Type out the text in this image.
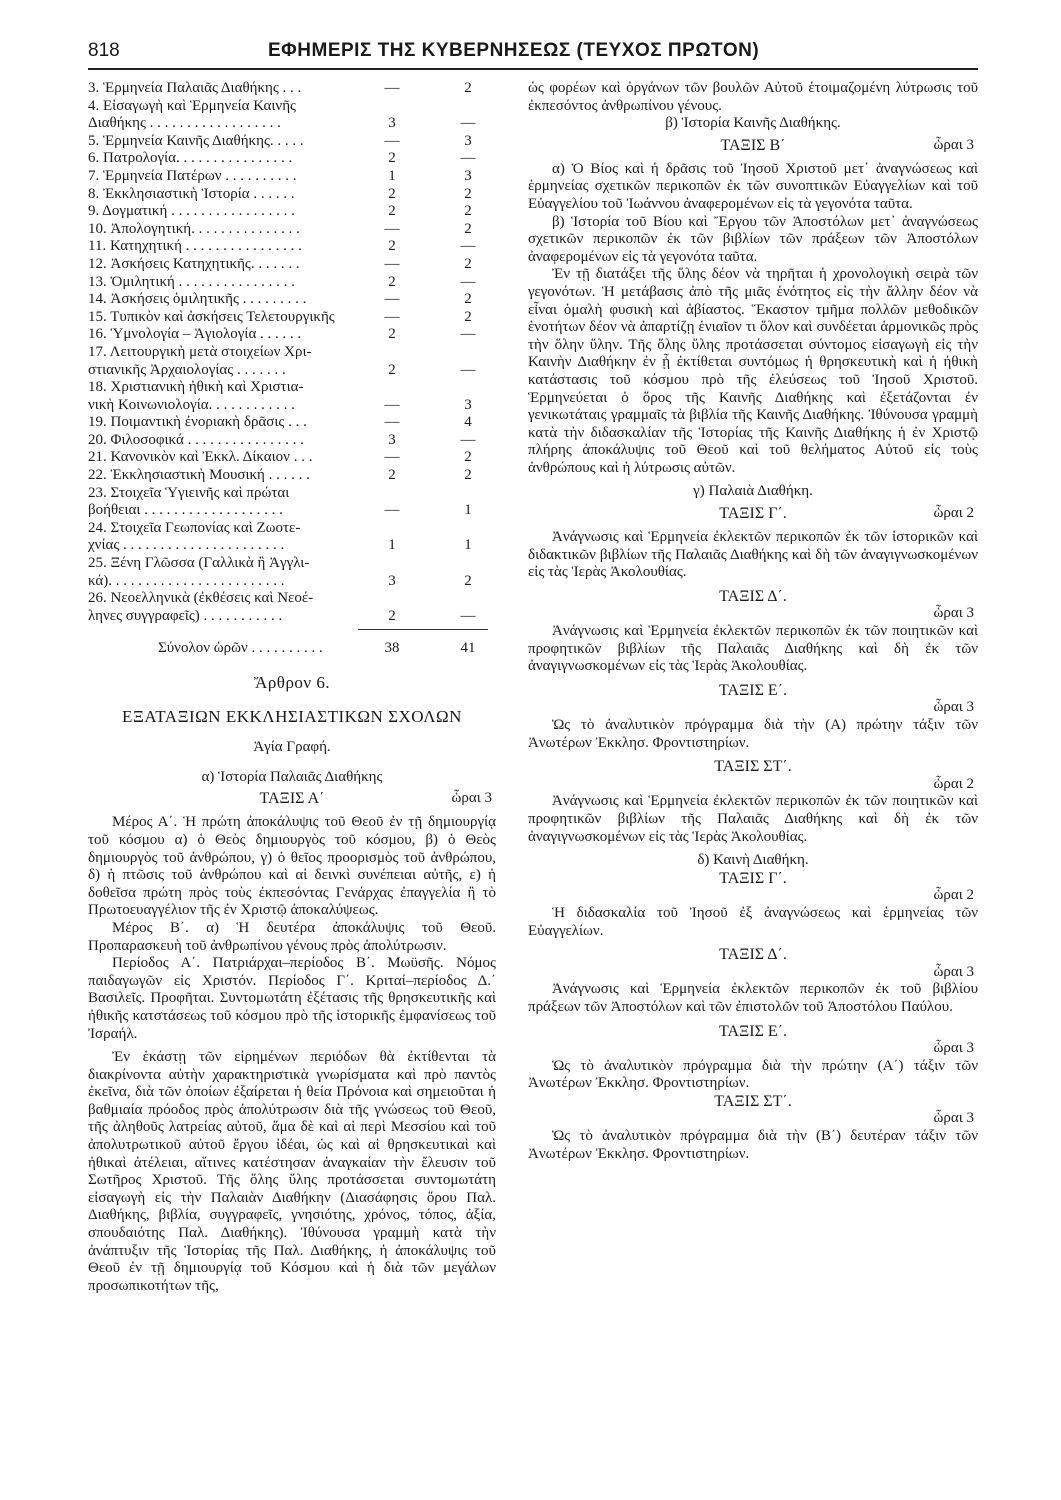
818	ΕΦΗΜΕΡΙΣ ΤΗΣ ΚΥΒΕΡΝΗΣΕΩΣ (ΤΕΥΧΟΣ ΠΡΩΤΟΝ)
3. Ἑρμηνεία Παλαιᾶς Διαθήκης . . .	—	2
4. Εἰσαγωγὴ καὶ Ἑρμηνεία Καινῆς
Διαθήκης . . . . . . . . . . . . . . . . . .	3	—
5. Ἑρμηνεία Καινῆς Διαθήκης. . . . .	—	3
6. Πατρολογία. . . . . . . . . . . . . . . .	2	—
7. Ἑρμηνεία Πατέρων . . . . . . . . . .	1	3
8. Ἐκκλησιαστικὴ Ἱστορία . . . . . .	2	2
9. Δογματική . . . . . . . . . . . . . . . . .	2	2
10. Ἀπολογητική. . . . . . . . . . . . . . .	—	2
11. Κατηχητική . . . . . . . . . . . . . . . .	2	—
12. Ἀσκήσεις Κατηχητικῆς. . . . . . .	—	2
13. Ὁμιλητική . . . . . . . . . . . . . . . .	2	—
14. Ἀσκήσεις ὁμιλητικῆς . . . . . . . . .	—	2
15. Τυπικὸν καὶ ἀσκήσεις Τελετουργικῆς	—	2
16. Ὑμνολογία – Ἁγιολογία . . . . . .	2	—
17. Λειτουργικὴ μετὰ στοιχείων Χρι-
στιανικῆς Ἀρχαιολογίας . . . . . . .	2	—
18. Χριστιανικὴ ἠθικὴ καὶ Χριστια-
νικὴ Κοινωνιολογία. . . . . . . . . . . .	—	3
19. Ποιμαντικὴ ἐνοριακὴ δρᾶσις . . .	—	4
20. Φιλοσοφικά . . . . . . . . . . . . . . . .	3	—
21. Κανονικὸν καὶ Ἐκκλ. Δίκαιον . . .	—	2
22. Ἐκκλησιαστικὴ Μουσική . . . . . .	2	2
23. Στοιχεῖα Ὑγιεινῆς καὶ πρώται
βοήθειαι . . . . . . . . . . . . . . . . . . .	—	1
24. Στοιχεῖα Γεωπονίας καὶ Ζωοτε-
χνίας . . . . . . . . . . . . . . . . . . . . . .	1	1
25. Ξένη Γλῶσσα (Γαλλικὰ ἢ Ἀγγλι-
κά). . . . . . . . . . . . . . . . . . . . . . . .	3	2
26. Νεοελληνικὰ (ἐκθέσεις καὶ Νεοέ-
ληνες συγγραφεῖς) . . . . . . . . . . .	2	—
Σύνολον ὡρῶν . . . . . . . . . .	38	41

Ἄρθρον 6.

ΕΞΑΤΑΞΙΩΝ ΕΚΚΛΗΣΙΑΣΤΙΚΩΝ ΣΧΟΛΩΝ

Ἁγία Γραφή.

α) Ἱστορία Παλαιᾶς Διαθήκης

ΤΑΞΙΣ Α΄	ὧραι 3

Μέρος Α΄. Ἡ πρώτη ἀποκάλυψις τοῦ Θεοῦ ἐν τῇ δημιουργίᾳ τοῦ κόσμου α) ὁ Θεὸς δημιουργὸς τοῦ κόσμου, β) ὁ Θεὸς δημιουργὸς τοῦ ἀνθρώπου, γ) ὁ θεῖος προορισμὸς τοῦ ἀνθρώπου, δ) ἡ πτῶσις τοῦ ἀνθρώπου καὶ αἱ δεινκὶ συνέπειαι αὐτῆς, ε) ἡ δοθεῖσα πρώτη πρὸς τοὺς ἐκπεσόντας Γενάρχας ἐπαγγελία ἢ τὸ Πρωτοευαγγέλιον τῆς ἐν Χριστῷ ἀποκαλύψεως.

Μέρος Β΄. α) Ἡ δευτέρα ἀποκάλυψις τοῦ Θεοῦ. Προπαρασκευὴ τοῦ ἀνθρωπίνου γένους πρὸς ἀπολύτρωσιν.

Περίοδος Α΄. Πατριάρχαι–περίοδος Β΄. Μωϋσῆς. Νόμος παιδαγωγῶν εἰς Χριστόν. Περίοδος Γ΄. Κριταί–περίοδος Δ.΄ Βασιλεῖς. Προφῆται. Συντομωτάτη ἐξέτασις τῆς θρησκευτικῆς καὶ ἠθικῆς κατστάσεως τοῦ κόσμου πρὸ τῆς ἱστορικῆς ἐμφανίσεως τοῦ Ἰσραήλ.

Ἐν ἑκάστῃ τῶν εἰρημένων περιόδων θὰ ἐκτίθενται τὰ διακρίνοντα αὐτὴν χαρακτηριστικὰ γνωρίσματα καὶ πρὸ παντὸς ἐκεῖνα, διὰ τῶν ὁποίων ἐξαίρεται ἡ θεία Πρόνοια καὶ σημειοῦται ἡ βαθμιαία πρόοδος πρὸς ἀπολύτρωσιν διὰ τῆς γνώσεως τοῦ Θεοῦ, τῆς ἀληθοῦς λατρείας αὐτοῦ, ἅμα δὲ καὶ αἱ περὶ Μεσσίου καὶ τοῦ ἀπολυτρωτικοῦ αὐτοῦ ἔργου ἰδέαι, ὡς καὶ αἱ θρησκευτικαὶ καὶ ἠθικαὶ ἀτέλειαι, αἵτινες κατέστησαν ἀναγκαίαν τὴν ἔλευσιν τοῦ Σωτῆρος Χριστοῦ. Τῆς ὅλης ὕλης προτάσσεται συντομωτάτη εἰσαγωγὴ εἰς τὴν Παλαιὰν Διαθήκην (Διασάφησις ὅρου Παλ. Διαθήκης, βιβλία, συγγραφεῖς, γνησιότης, χρόνος, τόπος, ἀξία, σπουδαιότης Παλ. Διαθήκης). Ἰθύνουσα γραμμὴ κατὰ τὴν ἀνάπτυξιν τῆς Ἱστορίας τῆς Παλ. Διαθήκης, ἡ ἀποκάλυψις τοῦ Θεοῦ ἐν τῇ δημιουργίᾳ τοῦ Κόσμου καὶ ἡ διὰ τῶν μεγάλων προσωπικοτήτων τῆς,

ὡς φορέων καὶ ὀργάνων τῶν βουλῶν Αὐτοῦ ἑτοιμαζομένη λύτρωσις τοῦ ἐκπεσόντος ἀνθρωπίνου γένους.

β) Ἱστορία Καινῆς Διαθήκης.

ΤΑΞΙΣ Β΄	ὧραι 3

α) Ὁ Βίος καὶ ἡ δρᾶσις τοῦ Ἰησοῦ Χριστοῦ μετ᾿ ἀναγνώσεως καὶ ἑρμηνείας σχετικῶν περικοπῶν ἐκ τῶν συνοπτικῶν Εὐαγγελίων καὶ τοῦ Εὐαγγελίου τοῦ Ἰωάννου ἀναφερομένων εἰς τὰ γεγονότα ταῦτα.

β) Ἱστορία τοῦ Βίου καὶ Ἔργου τῶν Ἀποστόλων μετ᾿ ἀναγνώσεως σχετικῶν περικοπῶν ἐκ τῶν βιβλίων τῶν πράξεων τῶν Ἀποστόλων ἀναφερομένων εἰς τὰ γεγονότα ταῦτα.

Ἐν τῇ διατάξει τῆς ὕλης δέον νὰ τηρῆται ἡ χρονολογικὴ σειρὰ τῶν γεγονότων. Ἡ μετάβασις ἀπὸ τῆς μιᾶς ἑνότητος εἰς τὴν ἄλλην δέον νὰ εἶναι ὁμαλὴ φυσικὴ καὶ ἀβίαστος. Ἕκαστον τμῆμα πολλῶν μεθοδικῶν ἑνοτήτων δέον νὰ ἀπαρτίζῃ ἑνιαῖον τι ὅλον καὶ συνδέεται ἁρμονικῶς πρὸς τὴν ὅλην ὕλην. Τῆς ὅλης ὕλης προτάσσεται σύντομος εἰσαγωγὴ εἰς τὴν Καινὴν Διαθήκην ἐν ᾗ ἐκτίθεται συντόμως ἡ θρησκευτικὴ καὶ ἡ ἠθικὴ κατάστασις τοῦ κόσμου πρὸ τῆς ἐλεύσεως τοῦ Ἰησοῦ Χριστοῦ. Ἑρμηνεύεται ὁ ὅρος τῆς Καινῆς Διαθήκης καὶ ἐξετάζονται ἐν γενικωτάταις γραμμαῖς τὰ βιβλία τῆς Καινῆς Διαθήκης. Ἰθύνουσα γραμμὴ κατὰ τὴν διδασκαλίαν τῆς Ἱστορίας τῆς Καινῆς Διαθήκης ἡ ἐν Χριστῷ πλήρης ἀποκάλυψις τοῦ Θεοῦ καὶ τοῦ θελήματος Αὐτοῦ εἰς τοὺς ἀνθρώπους καὶ ἡ λύτρωσις αὐτῶν.

γ) Παλαιὰ Διαθήκη.

ΤΑΞΙΣ Γ΄.	ὧραι 2

Ἀνάγνωσις καὶ Ἑρμηνεία ἐκλεκτῶν περικοπῶν ἐκ τῶν ἱστορικῶν καὶ διδακτικῶν βιβλίων τῆς Παλαιᾶς Διαθήκης καὶ δὴ τῶν ἀναγιγνωσκομένων εἰς τὰς Ἱερὰς Ἀκολουθίας.

ΤΑΞΙΣ Δ΄.

ὧραι 3

Ἀνάγνωσις καὶ Ἑρμηνεία ἐκλεκτῶν περικοπῶν ἐκ τῶν ποιητικῶν καὶ προφητικῶν βιβλίων τῆς Παλαιᾶς Διαθήκης καὶ δὴ ἐκ τῶν ἀναγιγνωσκομένων εἰς τὰς Ἱερὰς Ἀκολουθίας.

ΤΑΞΙΣ Ε΄.

ὧραι 3

Ὡς τὸ ἀναλυτικὸν πρόγραμμα διὰ τὴν (Α) πρώτην τάξιν τῶν Ἀνωτέρων Ἐκκλησ. Φροντιστηρίων.

ΤΑΞΙΣ ΣΤ΄.

ὧραι 2

Ἀνάγνωσις καὶ Ἑρμηνεία ἐκλεκτῶν περικοπῶν ἐκ τῶν ποιητικῶν καὶ προφητικῶν βιβλίων τῆς Παλαιᾶς Διαθήκης καὶ δὴ ἐκ τῶν ἀναγιγνωσκομένων εἰς τὰς Ἱερὰς Ἀκολουθίας.

δ) Καινὴ Διαθήκη.

ΤΑΞΙΣ Γ΄.

ὧραι 2

Ἡ διδασκαλία τοῦ Ἰησοῦ ἐξ ἀναγνώσεως καὶ ἑρμηνείας τῶν Εὐαγγελίων.

ΤΑΞΙΣ Δ΄.

ὧραι 3

Ἀνάγνωσις καὶ Ἑρμηνεία ἐκλεκτῶν περικοπῶν ἐκ τοῦ βιβλίου πράξεων τῶν Ἀποστόλων καὶ τῶν ἐπιστολῶν τοῦ Ἀποστόλου Παύλου.

ΤΑΞΙΣ Ε΄.

ὧραι 3

Ὡς τὸ ἀναλυτικὸν πρόγραμμα διὰ τὴν πρώτην (Α΄) τάξιν τῶν Ἀνωτέρων Ἐκκλησ. Φροντιστηρίων.

ΤΑΞΙΣ ΣΤ΄.

ὧραι 3

Ὡς τὸ ἀναλυτικὸν πρόγραμμα διὰ τὴν (Β΄) δευτέραν τάξιν τῶν Ἀνωτέρων Ἐκκλησ. Φροντιστηρίων.
